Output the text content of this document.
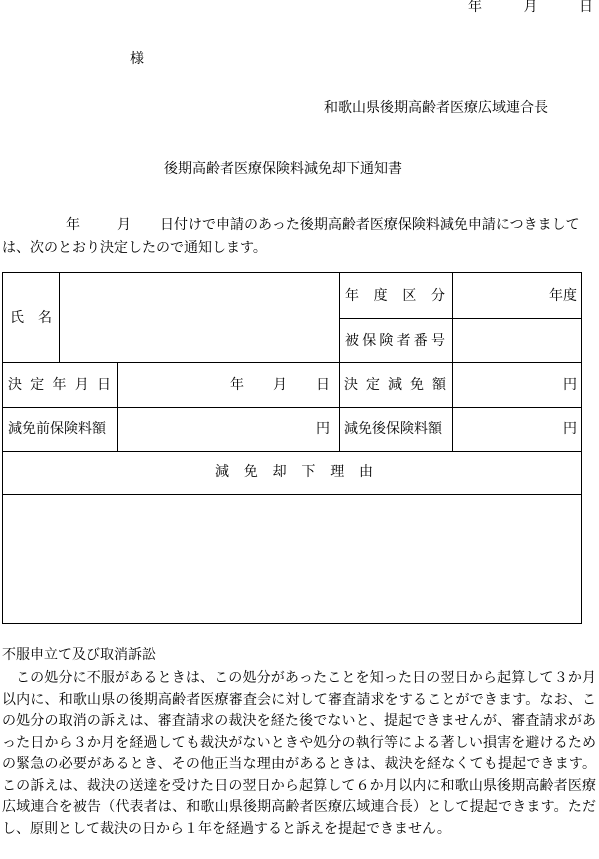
年	月	日
様
和歌山県後期高齢者医療広域連合長
後期高齢者医療保険料減免却下通知書
年	月 日付けで申請のあった後期高齢者医療保険料減免申請につきまして
は、次のとおり決定したので通知します。
氏 名
年 度 区 分	年度
被 保 険 者 番 号
決 定 年 月 日	年 月 日 決 定 減 免 額	円
減免前保険料額	円 減免後保険料額	円
減 免 却 下 理 由
不服申立て及び取消訴訟
この処分に不服があるときは、この処分があったことを知った日の翌日から起算して３か月以内に、和歌山県の後期高齢者医療審査会に対して審査請求をすることができます。なお、この処分の取消の訴えは、審査請求の裁決を経た後でないと、提起できませんが、審査請求があった日から３か月を経過しても裁決がないときや処分の執行等による著しい損害を避けるための緊急の必要があるとき、その他正当な理由があるときは、裁決を経なくても提起できます。この訴えは、裁決の送達を受けた日の翌日から起算して６か月以内に和歌山県後期高齢者医療広域連合を被告（代表者は、和歌山県後期高齢者医療広域連合長）として提起できます。ただし、原則として裁決の日から１年を経過すると訴えを提起できません。
